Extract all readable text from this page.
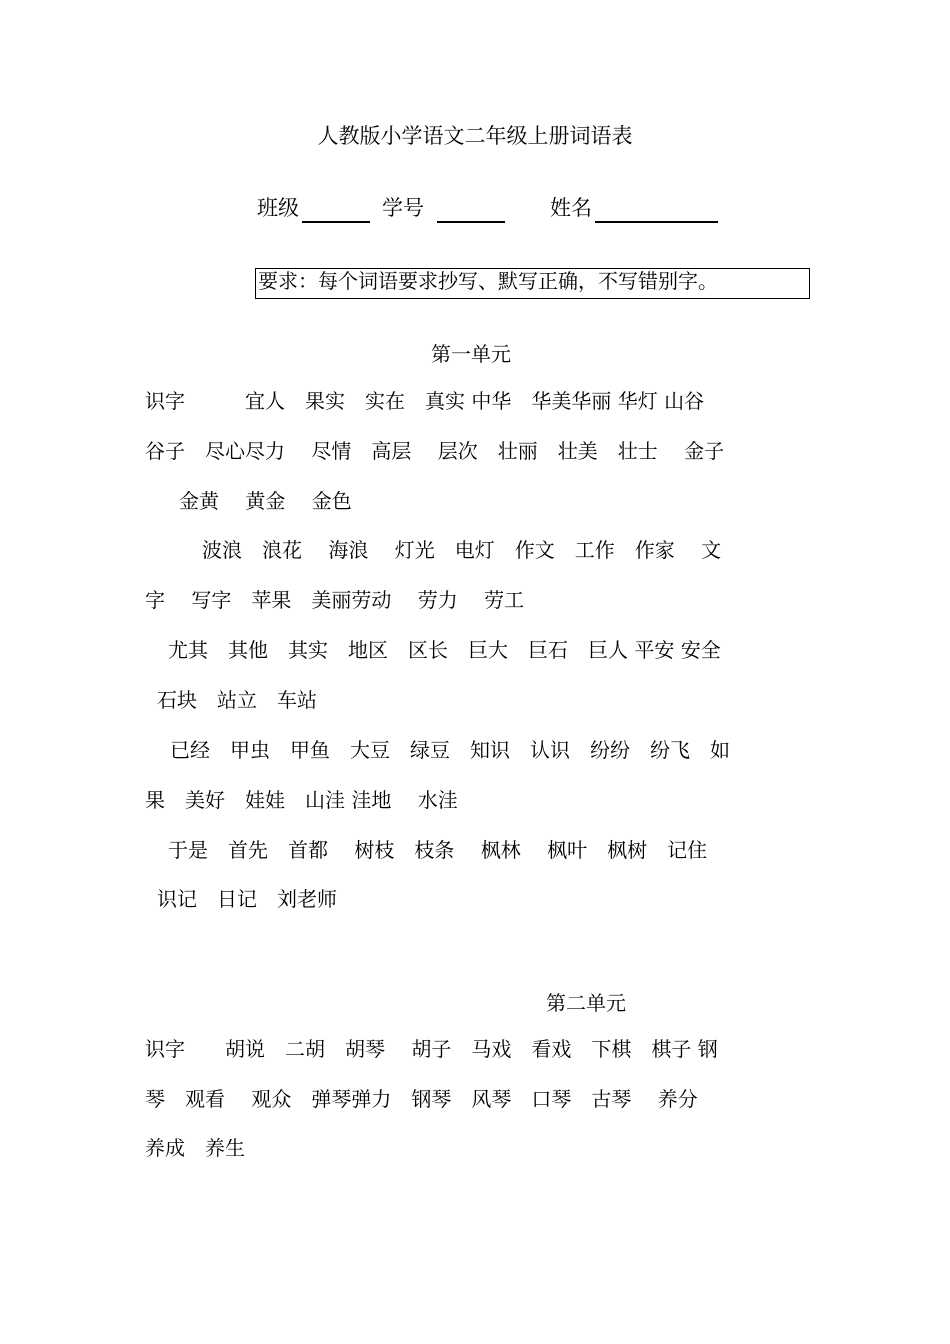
人教版小学语文二年级上册词语表
班级	学号	姓名
要求：每个词语要求抄写、默写正确，不写错别字。
第一单元
识字　　　宜人　果实　实在　真实 中华　华美华丽 华灯 山谷
谷子　尽心尽力　 尽情　高层　 层次　壮丽　壮美　壮士　 金子
金黄　 黄金　 金色
波浪　浪花　 海浪　 灯光　电灯　作文　工作　作家　 文
字　 写字　苹果　美丽劳动　 劳力　 劳工
尤其　其他　其实　地区　区长　巨大　巨石　巨人 平安 安全
石块　站立　车站
已经　甲虫　甲鱼　大豆　绿豆　知识　认识　纷纷　纷飞　如
果　美好　娃娃　山洼 洼地　 水洼
于是　首先　首都　 树枝　枝条　 枫林　 枫叶　枫树　记住
识记　日记　刘老师
第二单元
识字　　胡说　二胡　胡琴　 胡子　马戏　看戏　下棋　棋子 钢
琴　观看　 观众　弹琴弹力　钢琴　风琴　口琴　古琴　 养分
养成　养生
